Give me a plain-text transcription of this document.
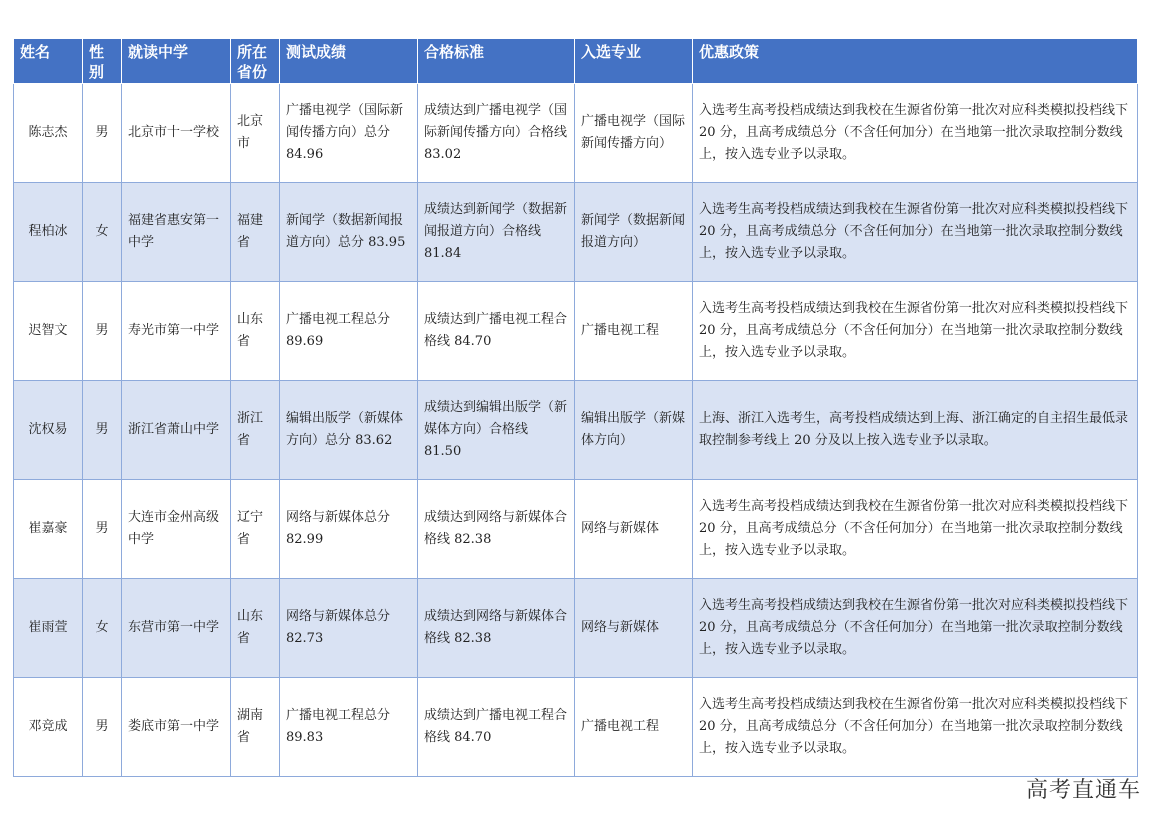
姓名	性别	就读中学	所在省份	测试成绩	合格标准	入选专业	优惠政策
陈志杰	男	北京市十一学校	北京市	广播电视学（国际新闻传播方向）总分 84.96	成绩达到广播电视学（国际新闻传播方向）合格线 83.02	广播电视学（国际新闻传播方向）	入选考生高考投档成绩达到我校在生源省份第一批次对应科类模拟投档线下 20 分，且高考成绩总分（不含任何加分）在当地第一批次录取控制分数线上，按入选专业予以录取。
程柏冰	女	福建省惠安第一中学	福建省	新闻学（数据新闻报道方向）总分 83.95	成绩达到新闻学（数据新闻报道方向）合格线 81.84	新闻学（数据新闻报道方向）	入选考生高考投档成绩达到我校在生源省份第一批次对应科类模拟投档线下 20 分，且高考成绩总分（不含任何加分）在当地第一批次录取控制分数线上，按入选专业予以录取。
迟智文	男	寿光市第一中学	山东省	广播电视工程总分 89.69	成绩达到广播电视工程合格线 84.70	广播电视工程	入选考生高考投档成绩达到我校在生源省份第一批次对应科类模拟投档线下 20 分，且高考成绩总分（不含任何加分）在当地第一批次录取控制分数线上，按入选专业予以录取。
沈权易	男	浙江省萧山中学	浙江省	编辑出版学（新媒体方向）总分 83.62	成绩达到编辑出版学（新媒体方向）合格线 81.50	编辑出版学（新媒体方向）	上海、浙江入选考生，高考投档成绩达到上海、浙江确定的自主招生最低录取控制参考线上 20 分及以上按入选专业予以录取。
崔嘉豪	男	大连市金州高级中学	辽宁省	网络与新媒体总分 82.99	成绩达到网络与新媒体合格线 82.38	网络与新媒体	入选考生高考投档成绩达到我校在生源省份第一批次对应科类模拟投档线下 20 分，且高考成绩总分（不含任何加分）在当地第一批次录取控制分数线上，按入选专业予以录取。
崔雨萱	女	东营市第一中学	山东省	网络与新媒体总分 82.73	成绩达到网络与新媒体合格线 82.38	网络与新媒体	入选考生高考投档成绩达到我校在生源省份第一批次对应科类模拟投档线下 20 分，且高考成绩总分（不含任何加分）在当地第一批次录取控制分数线上，按入选专业予以录取。
邓竞成	男	娄底市第一中学	湖南省	广播电视工程总分 89.83	成绩达到广播电视工程合格线 84.70	广播电视工程	入选考生高考投档成绩达到我校在生源省份第一批次对应科类模拟投档线下 20 分，且高考成绩总分（不含任何加分）在当地第一批次录取控制分数线上，按入选专业予以录取。
高考直通车
